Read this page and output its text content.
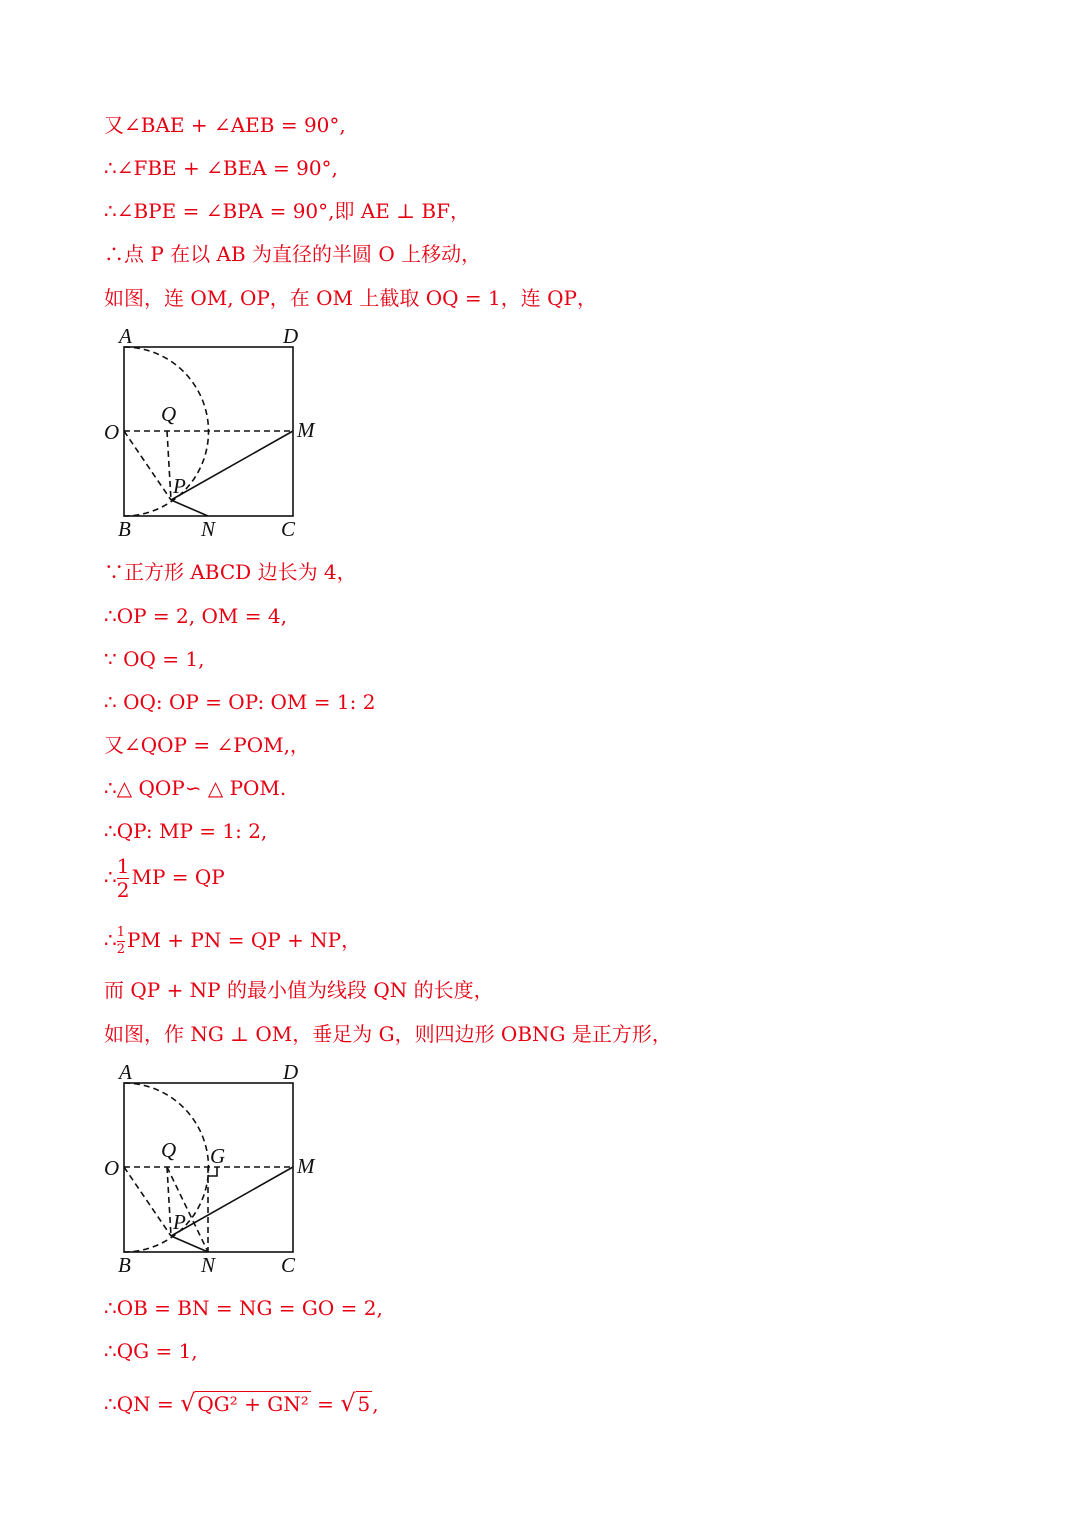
又∠BAE + ∠AEB = 90°,
∴∠FBE + ∠BEA = 90°,
∴∠BPE = ∠BPA = 90°,即 AE ⊥ BF，
∴点 P 在以 AB 为直径的半圆 O 上移动，
如图，连 OM, OP，在 OM 上截取 OQ = 1，连 QP，
A	D
O
Q
M
P
B	N	C
∵正方形 ABCD 边长为 4，
∴OP = 2, OM = 4,
∵ OQ = 1,
∴ OQ: OP = OP: OM = 1: 2
又∠QOP = ∠POM,，
∴△ QOP∽ △ POM.
∴QP: MP = 1: 2,
∴ $\frac{1}{2}$ MP = QP
∴ $\frac{1}{2}$ PM + PN = QP + NP，
而 QP + NP 的最小值为线段 QN 的长度，
如图，作 NG ⊥ OM，垂足为 G，则四边形 OBNG 是正方形，
A	D
O
Q G	M
P
B	N	C
∴OB = BN = NG = GO = 2,
∴QG = 1,
∴QN = √ QG² + GN² = √ 5 ,
